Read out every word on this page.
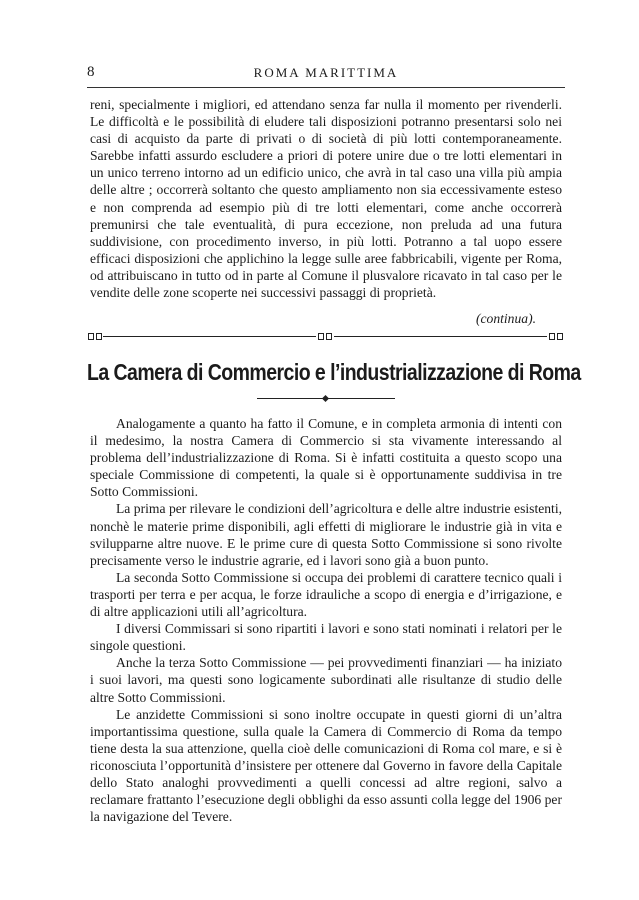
8	ROMA MARITTIMA

reni, specialmente i migliori, ed attendano senza far nulla il momento per rivenderli. Le difficoltà e le possibilità di eludere tali disposizioni potranno presentarsi solo nei casi di acquisto da parte di privati o di società di più lotti contemporaneamente. Sarebbe infatti assurdo escludere a priori di potere unire due o tre lotti elementari in un unico terreno intorno ad un edificio unico, che avrà in tal caso una villa più ampia delle altre ; occorrerà soltanto che questo ampliamento non sia eccessivamente esteso e non comprenda ad esempio più di tre lotti elementari, come anche occorrerà premunirsi che tale eventualità, di pura eccezione, non preluda ad una futura suddivisione, con procedimento inverso, in più lotti. Potranno a tal uopo essere efficaci disposizioni che applichino la legge sulle aree fabbricabili, vigente per Roma, od attribuiscano in tutto od in parte al Comune il plusvalore ricavato in tal caso per le vendite delle zone scoperte nei successivi passaggi di proprietà.

(continua).
La Camera di Commercio e l’industrializzazione di Roma

Analogamente a quanto ha fatto il Comune, e in completa armonia di intenti con il medesimo, la nostra Camera di Commercio si sta vivamente interessando al problema dell’industrializzazione di Roma. Si è infatti costituita a questo scopo una speciale Commissione di competenti, la quale si è opportunamente suddivisa in tre Sotto Commissioni.

La prima per rilevare le condizioni dell’agricoltura e delle altre industrie esistenti, nonchè le materie prime disponibili, agli effetti di migliorare le industrie già in vita e svilupparne altre nuove. E le prime cure di questa Sotto Commissione si sono rivolte precisamente verso le industrie agrarie, ed i lavori sono già a buon punto.

La seconda Sotto Commissione si occupa dei problemi di carattere tecnico quali i trasporti per terra e per acqua, le forze idrauliche a scopo di energia e d’irrigazione, e di altre applicazioni utili all’agricoltura.

I diversi Commissari si sono ripartiti i lavori e sono stati nominati i relatori per le singole questioni.

Anche la terza Sotto Commissione — pei provvedimenti finanziari — ha iniziato i suoi lavori, ma questi sono logicamente subordinati alle risultanze di studio delle altre Sotto Commissioni.

Le anzidette Commissioni si sono inoltre occupate in questi giorni di un’altra importantissima questione, sulla quale la Camera di Commercio di Roma da tempo tiene desta la sua attenzione, quella cioè delle comunicazioni di Roma col mare, e si è riconosciuta l’opportunità d’insistere per ottenere dal Governo in favore della Capitale dello Stato analoghi provvedimenti a quelli concessi ad altre regioni, salvo a reclamare frattanto l’esecuzione degli obblighi da esso assunti colla legge del 1906 per la navigazione del Tevere.
